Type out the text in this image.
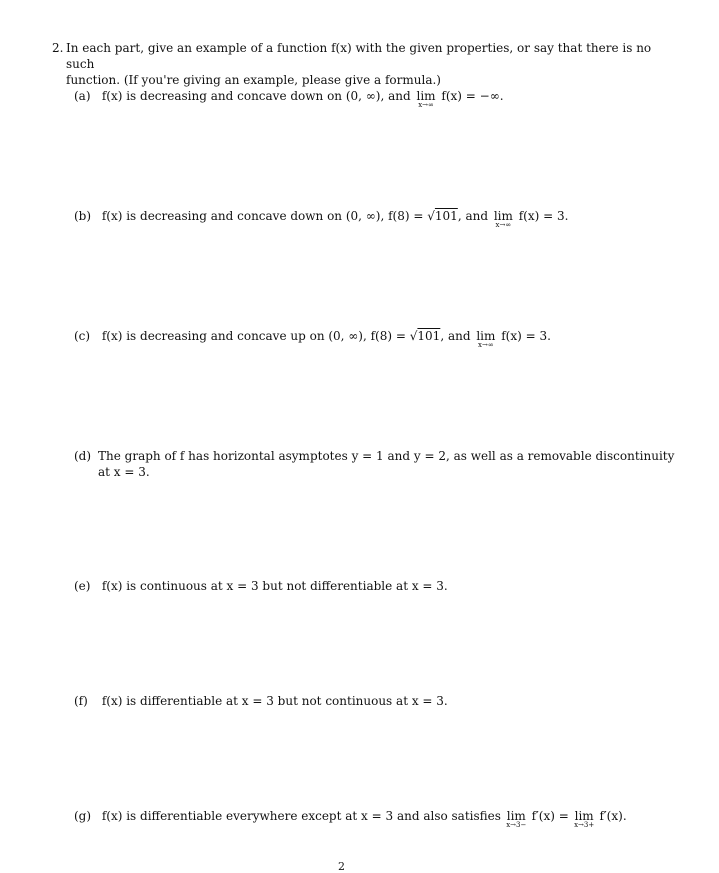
2. In each part, give an example of a function f(x) with the given properties, or say that there is no such
function. (If you're giving an example, please give a formula.)
(a) f(x) is decreasing and concave down on (0, ∞), and lim
x→∞
f(x) = −∞.
(b) f(x) is decreasing and concave down on (0, ∞), f(8) = √101, and lim
x→∞
f(x) = 3.
(c) f(x) is decreasing and concave up on (0, ∞), f(8) = √101, and lim
x→∞
f(x) = 3.
(d) The graph of f has horizontal asymptotes y = 1 and y = 2, as well as a removable discontinuity
at x = 3.
(e) f(x) is continuous at x = 3 but not differentiable at x = 3.
(f) f(x) is differentiable at x = 3 but not continuous at x = 3.
(g) f(x) is differentiable everywhere except at x = 3 and also satisfies lim
x→3−
f′(x) = lim
x→3+
f′(x).
2
